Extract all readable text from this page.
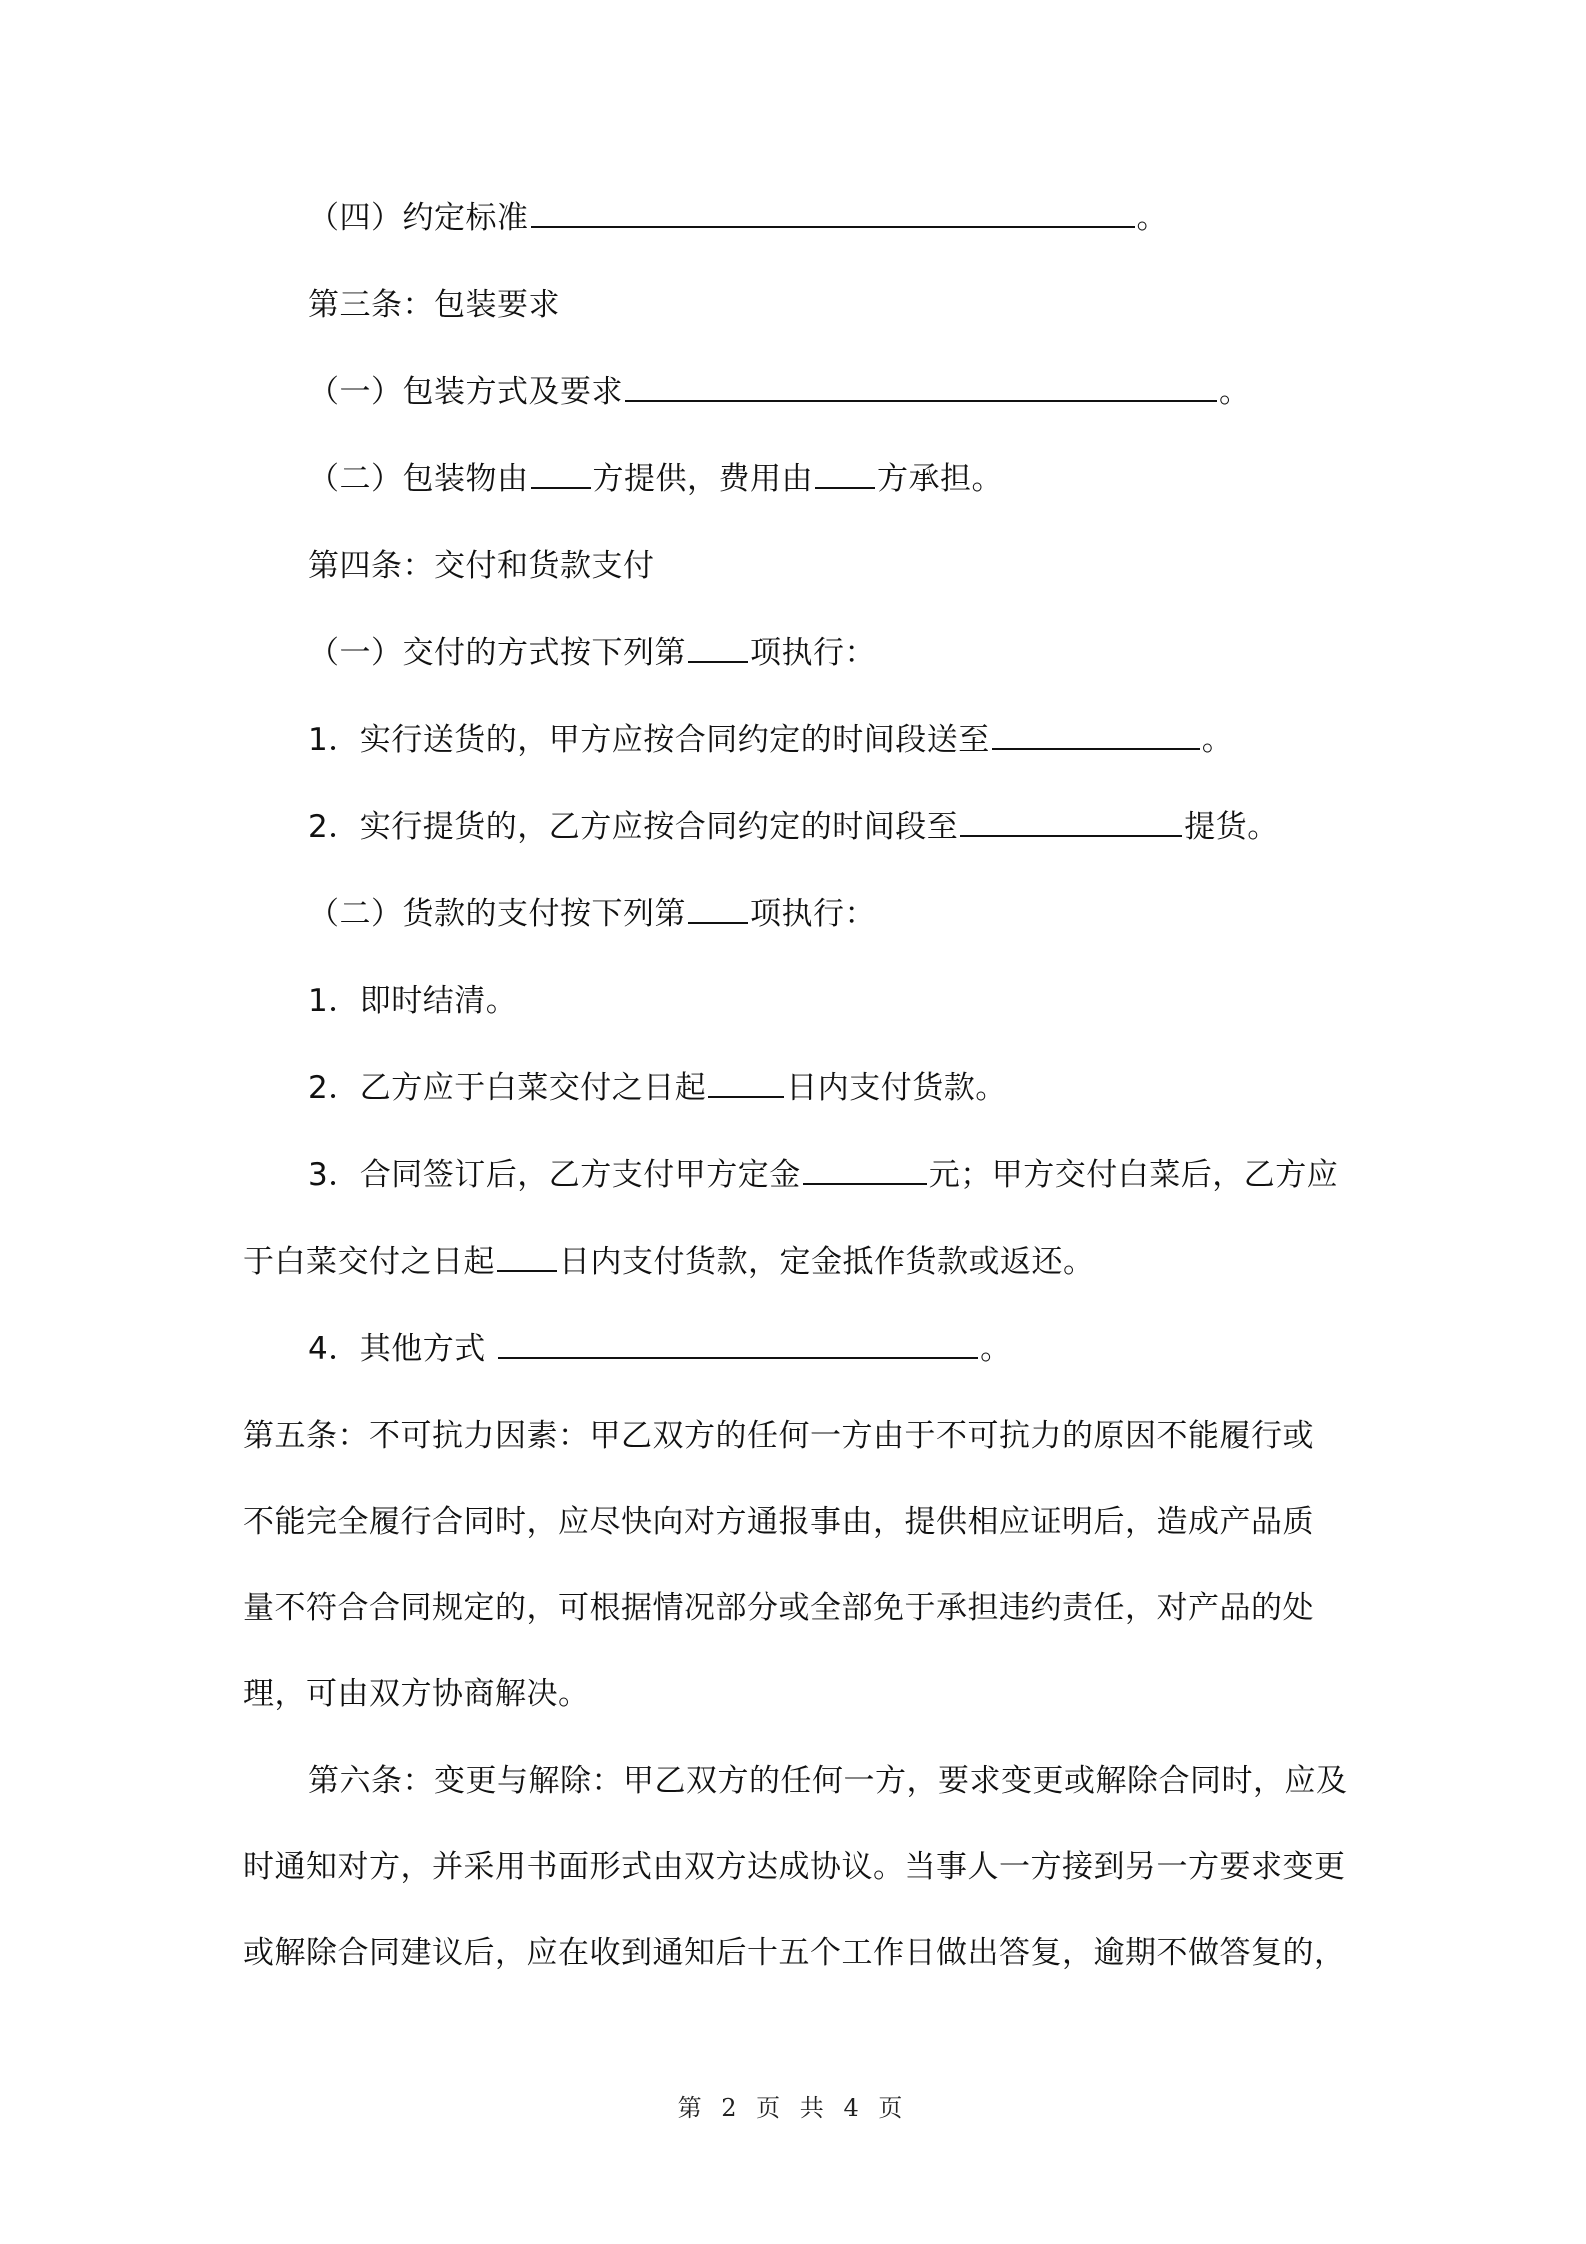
（四）约定标准	。
第三条：包装要求
（一）包装方式及要求	。
（二）包装物由 方提供，费用由 方承担。
第四条：交付和货款支付
（一）交付的方式按下列第 项执行：
1．实行送货的，甲方应按合同约定的时间段送至	。
2．实行提货的，乙方应按合同约定的时间段至	提货。
（二）货款的支付按下列第 项执行：
1．即时结清。
2．乙方应于白菜交付之日起	日内支付货款。
3．合同签订后，乙方支付甲方定金	元；甲方交付白菜后，乙方应
于白菜交付之日起 日内支付货款，定金抵作货款或返还。
4．其他方式	。
第五条：不可抗力因素：甲乙双方的任何一方由于不可抗力的原因不能履行或
不能完全履行合同时，应尽快向对方通报事由，提供相应证明后，造成产品质
量不符合合同规定的，可根据情况部分或全部免于承担违约责任，对产品的处
理，可由双方协商解决。
第六条：变更与解除：甲乙双方的任何一方，要求变更或解除合同时，应及
时通知对方，并采用书面形式由双方达成协议。当事人一方接到另一方要求变更
或解除合同建议后，应在收到通知后十五个工作日做出答复，逾期不做答复的，
第 2 页 共 4 页
